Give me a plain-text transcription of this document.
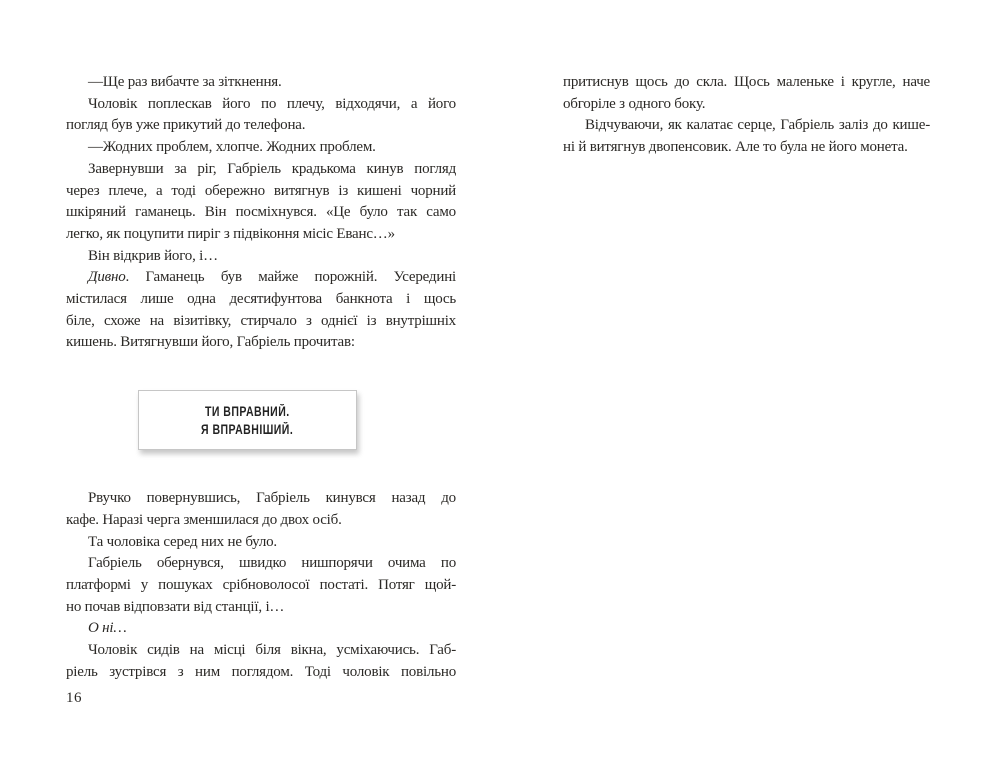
—Ще раз вибачте за зіткнення.
Чоловік поплескав його по плечу, відходячи, а його
погляд був уже прикутий до телефона.
—Жодних проблем, хлопче. Жодних проблем.
Завернувши за ріг, Габріель крадькома кинув погляд
через плече, а тоді обережно витягнув із кишені чорний
шкіряний гаманець. Він посміхнувся. «Це було так само
легко, як поцупити пиріг з підвіконня місіс Еванс…»
Він відкрив його, і…
Дивно. Гаманець був майже порожній. Усередині
містилася лише одна десятифунтова банкнота і щось
біле, схоже на візитівку, стирчало з однієї із внутрішніх
кишень. Витягнувши його, Габріель прочитав:
ТИ ВПРАВНИЙ.
Я ВПРАВНІШИЙ.
Рвучко повернувшись, Габріель кинувся назад до
кафе. Наразі черга зменшилася до двох осіб.
Та чоловіка серед них не було.
Габріель обернувся, швидко нишпорячи очима по
платформі у пошуках срібноволосої постаті. Потяг щой-
но почав відповзати від станції, і…
О ні…
Чоловік сидів на місці біля вікна, усміхаючись. Габ-
ріель зустрівся з ним поглядом. Тоді чоловік повільно
притиснув щось до скла. Щось маленьке і кругле, наче
обгоріле з одного боку.
Відчуваючи, як калатає серце, Габріель заліз до кише-
ні й витягнув двопенсовик. Але то була не його монета.
16
